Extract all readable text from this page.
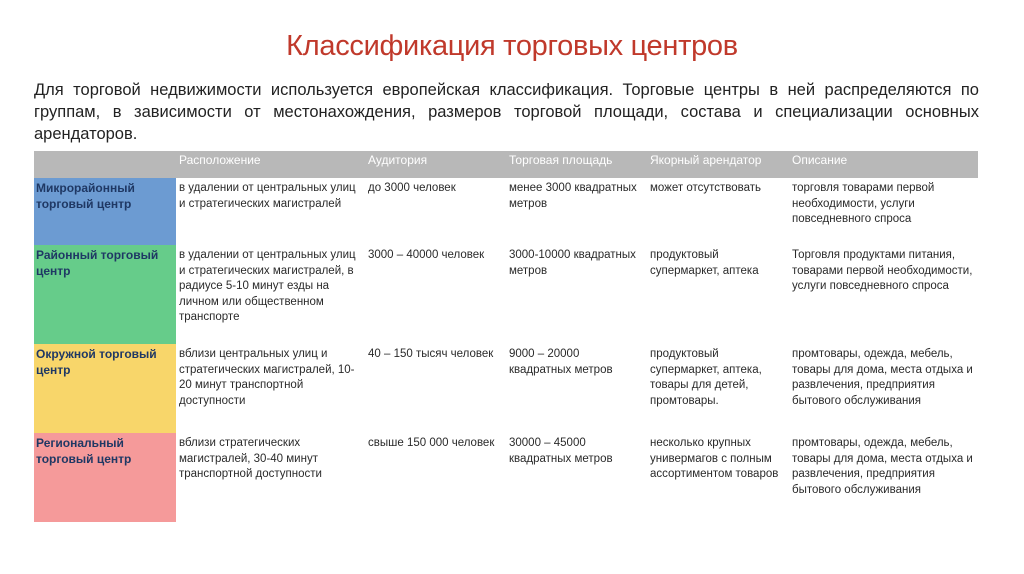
Классификация торговых центров
Для торговой недвижимости используется европейская классификация. Торговые центры в ней распределяются по группам, в зависимости от местонахождения, размеров торговой площади, состава и специализации основных арендаторов.
	Расположение	Аудитория	Торговая площадь	Якорный арендатор	Описание
Микрорайонный торговый центр	в удалении от центральных улиц и стратегических магистралей	до 3000 человек	менее 3000 квадратных метров	может отсутствовать	торговля товарами первой необходимости, услуги повседневного спроса
Районный торговый центр	в удалении от центральных улиц и стратегических магистралей, в радиусе 5-10 минут езды на личном или общественном транспорте	3000 – 40000 человек	3000-10000 квадратных метров	продуктовый супермаркет, аптека	Торговля продуктами питания, товарами первой необходимости, услуги повседневного спроса
Окружной торговый центр	вблизи центральных улиц и стратегических магистралей, 10-20 минут транспортной доступности	40 – 150 тысяч человек	9000 – 20000 квадратных метров	продуктовый супермаркет, аптека, товары для детей, промтовары.	промтовары, одежда, мебель, товары для дома, места отдыха и развлечения, предприятия бытового обслуживания
Региональный торговый центр	вблизи стратегических магистралей, 30-40 минут транспортной доступности	свыше 150 000 человек	30000 – 45000 квадратных метров	несколько крупных универмагов с полным ассортиментом товаров	промтовары, одежда, мебель, товары для дома, места отдыха и развлечения, предприятия бытового обслуживания
